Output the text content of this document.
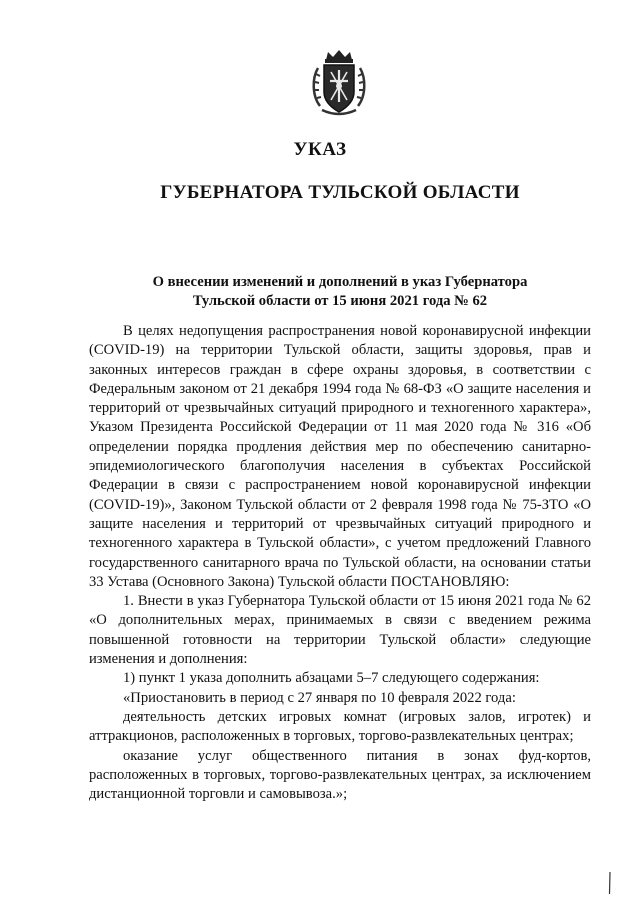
УКАЗ
ГУБЕРНАТОРА ТУЛЬСКОЙ ОБЛАСТИ
О внесении изменений и дополнений в указ Губернатора
Тульской области от 15 июня 2021 года № 62

В целях недопущения распространения новой коронавирусной инфекции (COVID-19) на территории Тульской области, защиты здоровья, прав и законных интересов граждан в сфере охраны здоровья, в соответствии с Федеральным законом от 21 декабря 1994 года № 68-ФЗ «О защите населения и территорий от чрезвычайных ситуаций природного и техногенного характера», Указом Президента Российской Федерации от 11 мая 2020 года № 316 «Об определении порядка продления действия мер по обеспечению санитарно-эпидемиологического благополучия населения в субъектах Российской Федерации в связи с распространением новой коронавирусной инфекции (COVID-19)», Законом Тульской области от 2 февраля 1998 года № 75-ЗТО «О защите населения и территорий от чрезвычайных ситуаций природного и техногенного характера в Тульской области», с учетом предложений Главного государственного санитарного врача по Тульской области, на основании статьи 33 Устава (Основного Закона) Тульской области ПОСТАНОВЛЯЮ:

1. Внести в указ Губернатора Тульской области от 15 июня 2021 года № 62 «О дополнительных мерах, принимаемых в связи с введением режима повышенной готовности на территории Тульской области» следующие изменения и дополнения:

1) пункт 1 указа дополнить абзацами 5–7 следующего содержания:

«Приостановить в период с 27 января по 10 февраля 2022 года:

деятельность детских игровых комнат (игровых залов, игротек) и аттракционов, расположенных в торговых, торгово-развлекательных центрах;

оказание услуг общественного питания в зонах фуд-кортов, расположенных в торговых, торгово-развлекательных центрах, за исключением дистанционной торговли и самовывоза.»;
